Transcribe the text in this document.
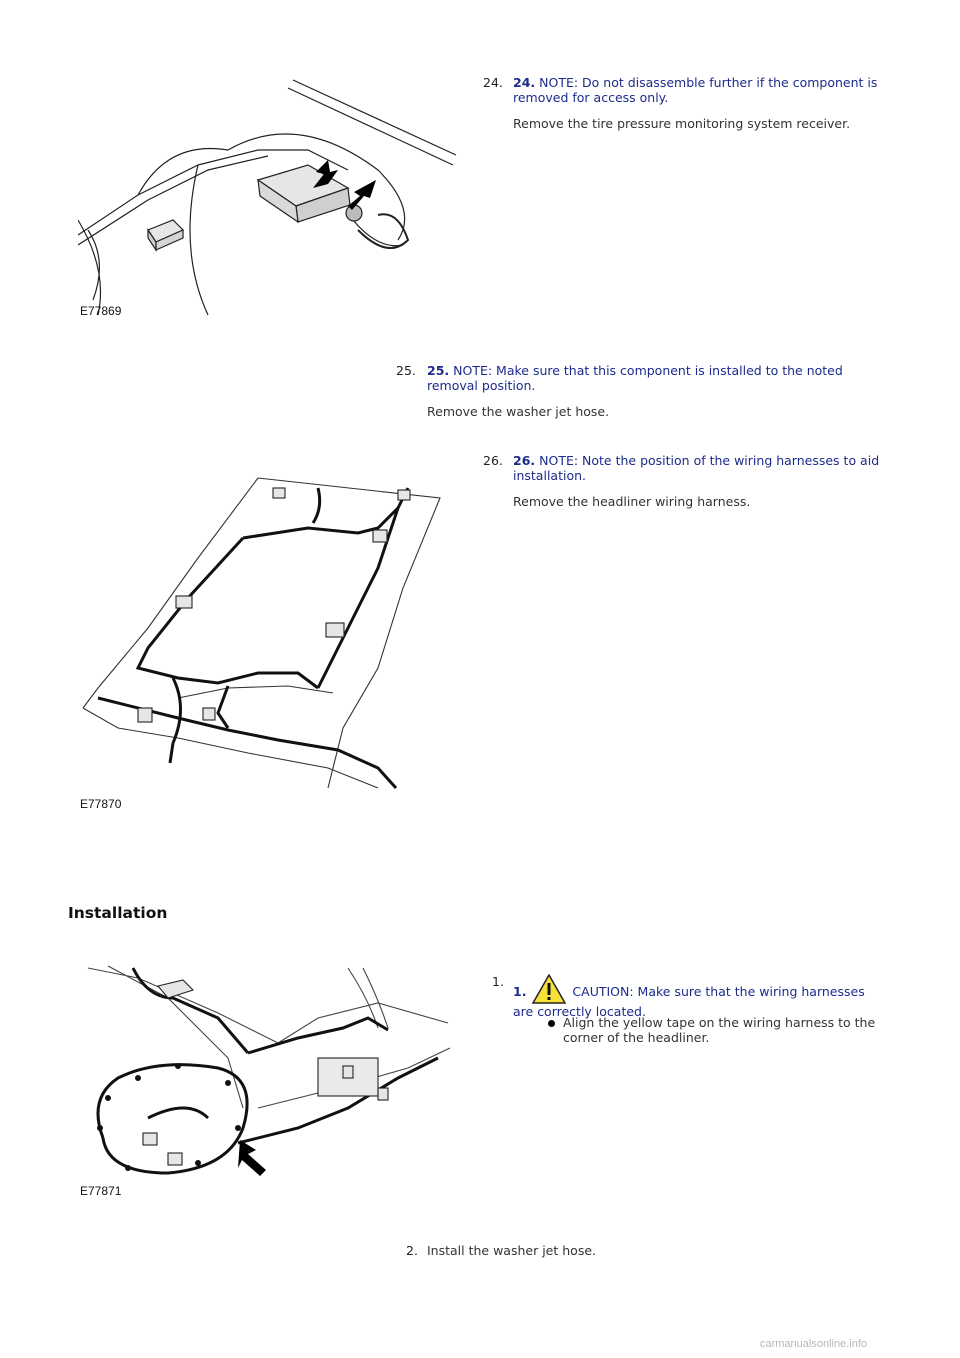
E77869
24. 24. NOTE: Do not disassemble further if the component is removed for access only.

Remove the tire pressure monitoring system receiver.

25. 25. NOTE: Make sure that this component is installed to the noted removal position.

Remove the washer jet hose.

E77870
26. 26. NOTE: Note the position of the wiring harnesses to aid installation.

Remove the headliner wiring harness.

Installation
E77871
1.

1.	CAUTION: Make sure that the wiring harnesses are correctly located.

Align the yellow tape on the wiring harness to the corner of the headliner.
2. Install the washer jet hose.
carmanualsonline.info
